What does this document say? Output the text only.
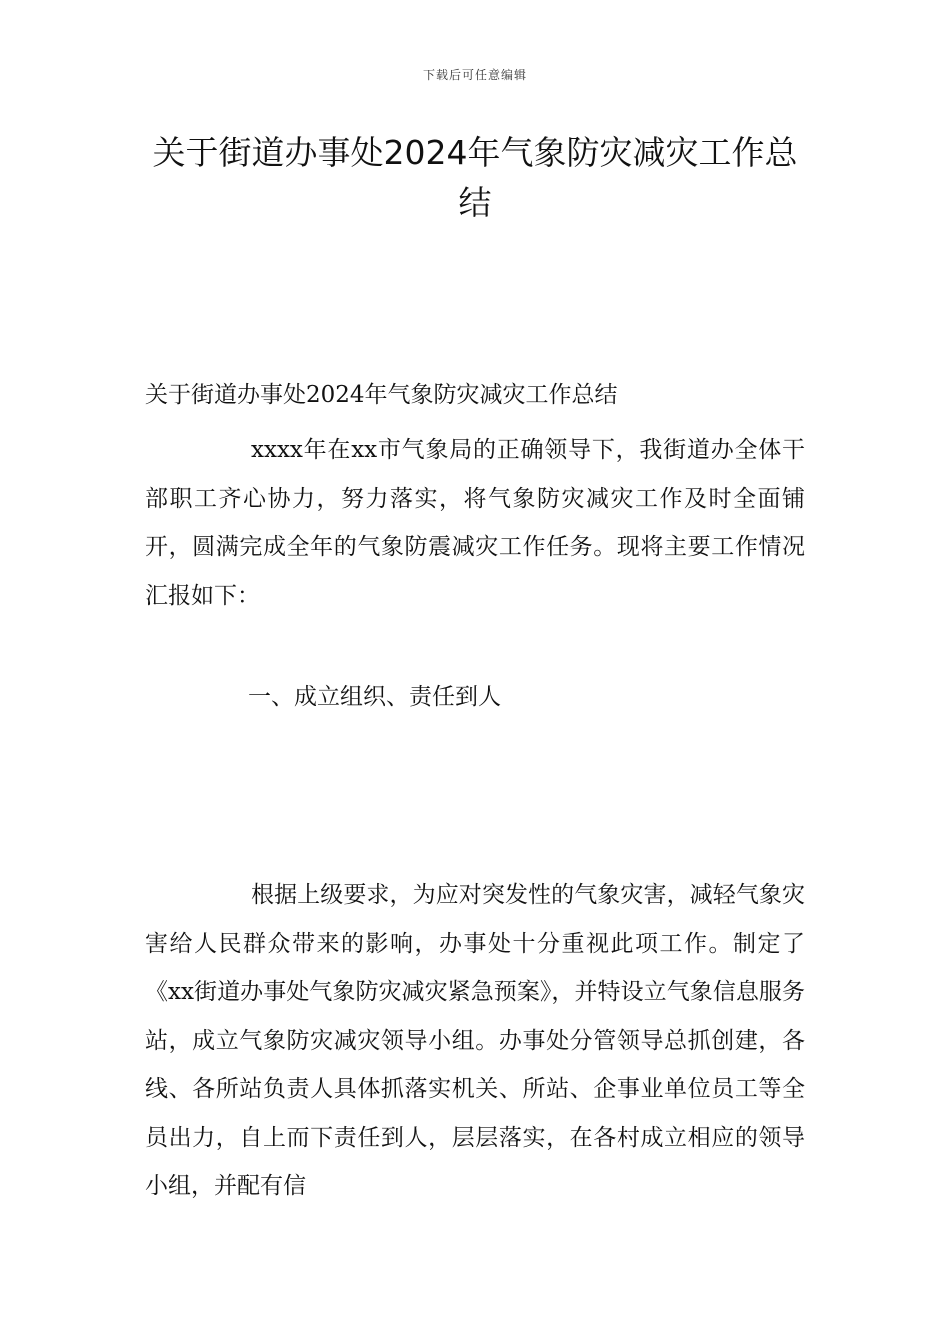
下载后可任意编辑
关于街道办事处2024年气象防灾减灾工作总结
关于街道办事处2024年气象防灾减灾工作总结

xxxx年在xx市气象局的正确领导下，我街道办全体干部职工齐心协力，努力落实，将气象防灾减灾工作及时全面铺开，圆满完成全年的气象防震减灾工作任务。现将主要工作情况汇报如下：

一、成立组织、责任到人

根据上级要求，为应对突发性的气象灾害，减轻气象灾害给人民群众带来的影响，办事处十分重视此项工作。制定了《xx街道办事处气象防灾减灾紧急预案》，并特设立气象信息服务站，成立气象防灾减灾领导小组。办事处分管领导总抓创建，各线、各所站负责人具体抓落实机关、所站、企事业单位员工等全员出力，自上而下责任到人，层层落实，在各村成立相应的领导小组，并配有信
